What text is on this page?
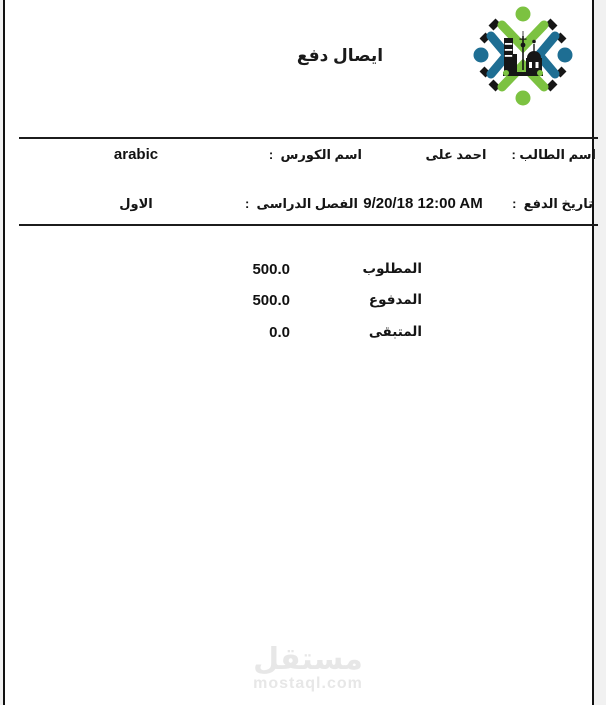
ايصال دفع
اسم الطالب :
احمد على
اسم الكورس  :
arabic
تاريخ الدفع  :
9/20/18 12:00 AM
الفصل الدراسى  :
الاول
المطلوب
500.0
المدفوع
500.0
المتبقى
0.0
مستقل
mostaql.com
